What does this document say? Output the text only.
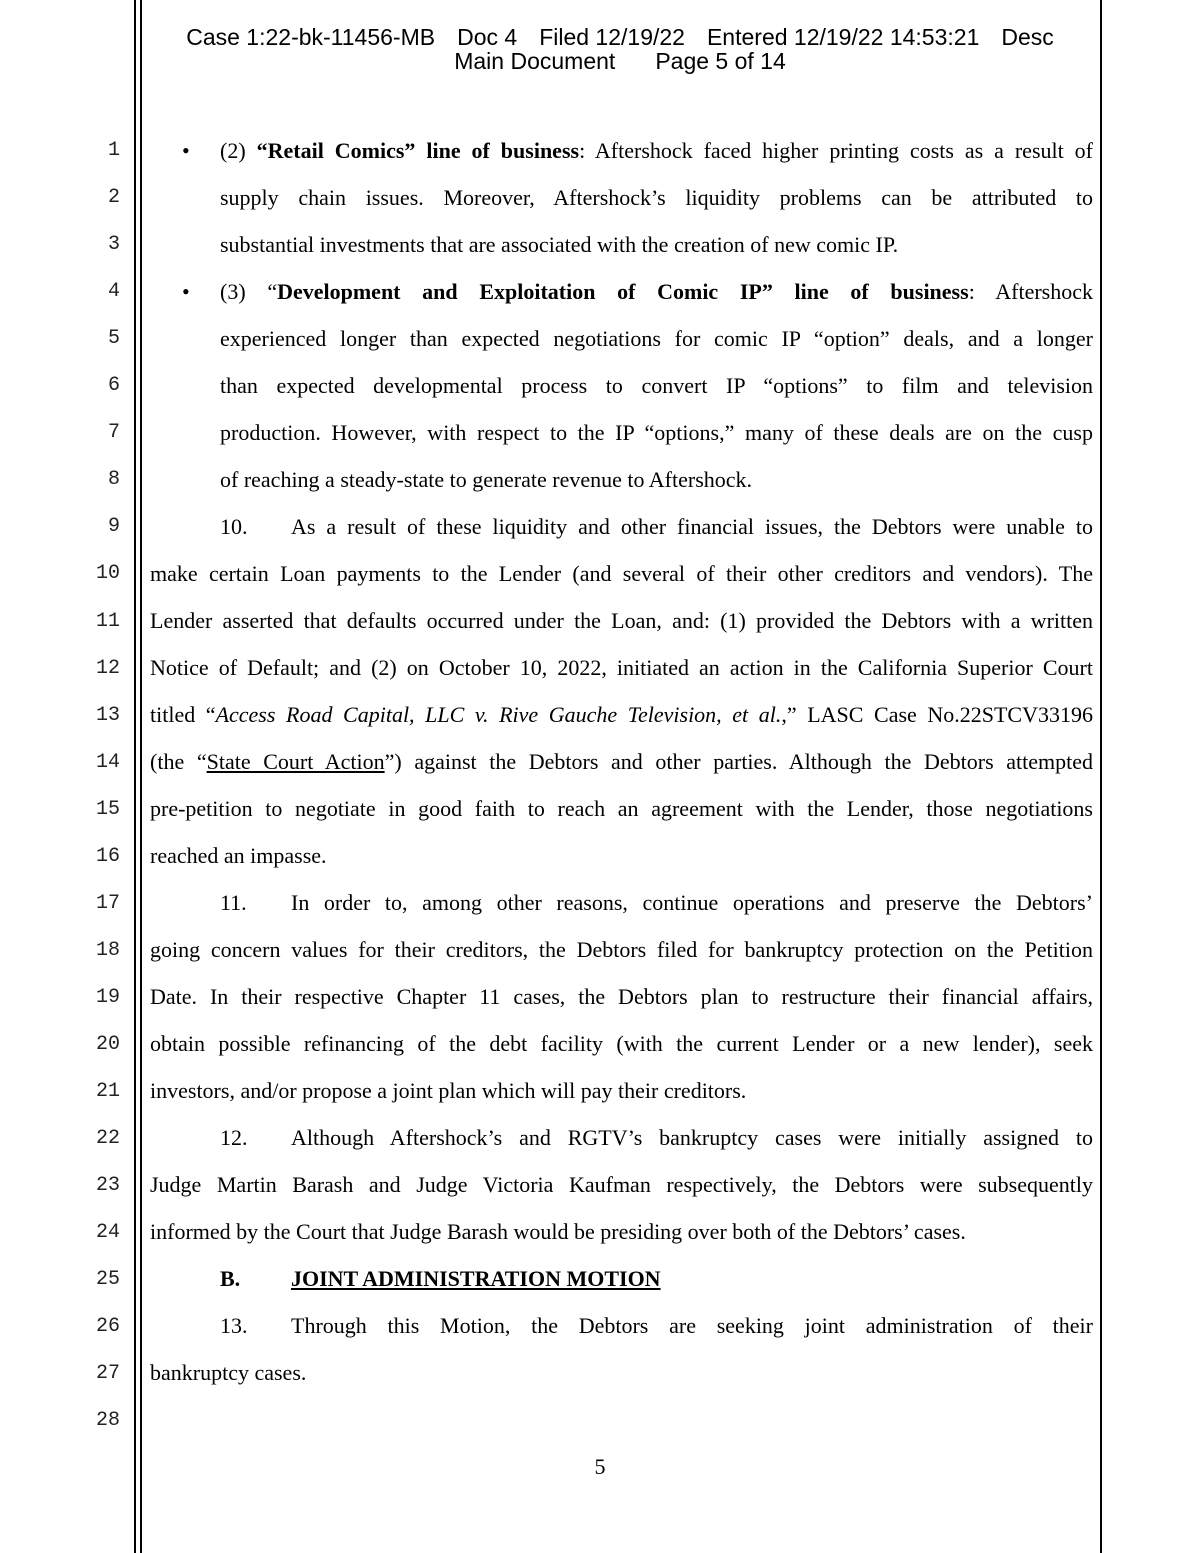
Case 1:22-bk-11456-MB Doc 4 Filed 12/19/22 Entered 12/19/22 14:53:21 Desc
Main Document Page 5 of 14
1
2
3
4
5
6
7
8
9
10
11
12
13
14
15
16
17
18
19
20
21
22
23
24
25
26
27
28
•
•
(2) “Retail Comics” line of business: Aftershock faced higher printing costs as a result of
supply chain issues. Moreover, Aftershock’s liquidity problems can be attributed to
substantial investments that are associated with the creation of new comic IP.
(3) “Development and Exploitation of Comic IP” line of business: Aftershock
experienced longer than expected negotiations for comic IP “option” deals, and a longer
than expected developmental process to convert IP “options” to film and television
production. However, with respect to the IP “options,” many of these deals are on the cusp
of reaching a steady-state to generate revenue to Aftershock.
10. As a result of these liquidity and other financial issues, the Debtors were unable to
make certain Loan payments to the Lender (and several of their other creditors and vendors). The
Lender asserted that defaults occurred under the Loan, and: (1) provided the Debtors with a written
Notice of Default; and (2) on October 10, 2022, initiated an action in the California Superior Court
titled “Access Road Capital, LLC v. Rive Gauche Television, et al.,” LASC Case No.22STCV33196
(the “State Court Action”) against the Debtors and other parties. Although the Debtors attempted
pre-petition to negotiate in good faith to reach an agreement with the Lender, those negotiations
reached an impasse.
11. In order to, among other reasons, continue operations and preserve the Debtors’
going concern values for their creditors, the Debtors filed for bankruptcy protection on the Petition
Date. In their respective Chapter 11 cases, the Debtors plan to restructure their financial affairs,
obtain possible refinancing of the debt facility (with the current Lender or a new lender), seek
investors, and/or propose a joint plan which will pay their creditors.
12. Although Aftershock’s and RGTV’s bankruptcy cases were initially assigned to
Judge Martin Barash and Judge Victoria Kaufman respectively, the Debtors were subsequently
informed by the Court that Judge Barash would be presiding over both of the Debtors’ cases.
B. JOINT ADMINISTRATION MOTION
13. Through this Motion, the Debtors are seeking joint administration of their
bankruptcy cases.
5
